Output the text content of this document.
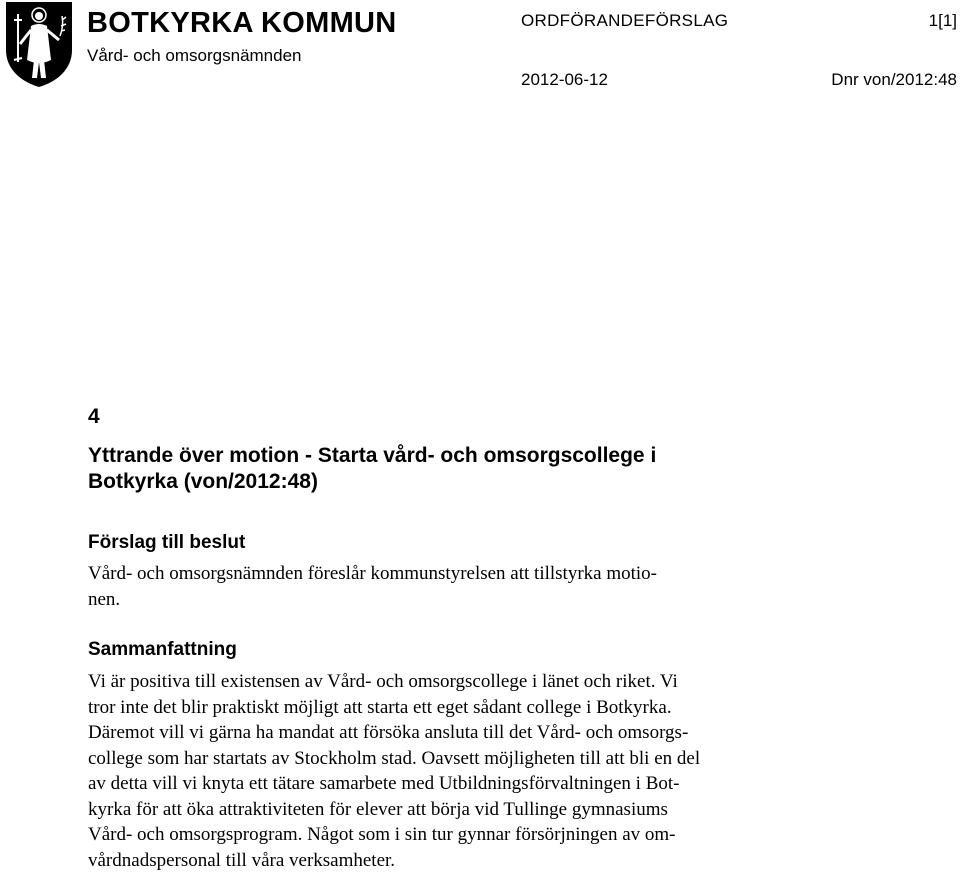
BOTKYRKA KOMMUN
Vård- och omsorgsnämnden
ORDFÖRANDEFÖRSLAG	1[1]
2012-06-12	Dnr von/2012:48
4
Yttrande över motion - Starta vård- och omsorgscollege i
Botkyrka (von/2012:48)
Förslag till beslut
Vård- och omsorgsnämnden föreslår kommunstyrelsen att tillstyrka motio-
nen.
Sammanfattning
Vi är positiva till existensen av Vård- och omsorgscollege i länet och riket. Vi
tror inte det blir praktiskt möjligt att starta ett eget sådant college i Botkyrka.
Däremot vill vi gärna ha mandat att försöka ansluta till det Vård- och omsorgs-
college som har startats av Stockholm stad. Oavsett möjligheten till att bli en del
av detta vill vi knyta ett tätare samarbete med Utbildningsförvaltningen i Bot-
kyrka för att öka attraktiviteten för elever att börja vid Tullinge gymnasiums
Vård- och omsorgsprogram. Något som i sin tur gynnar försörjningen av om-
vårdnadspersonal till våra verksamheter.
